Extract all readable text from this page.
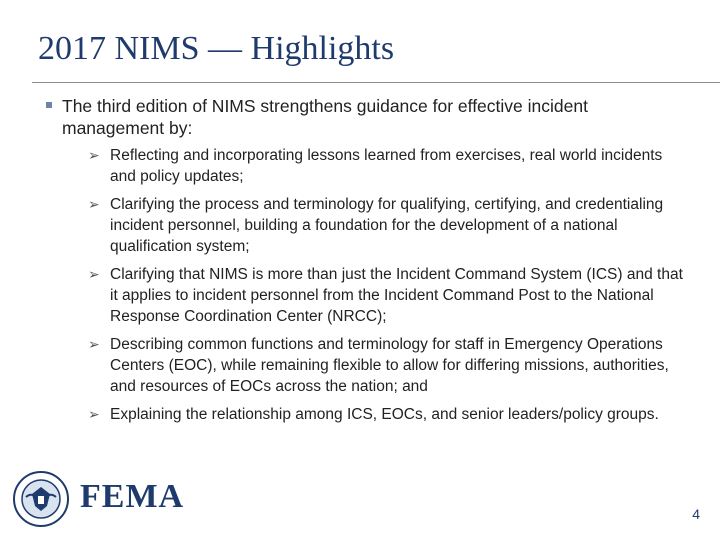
2017 NIMS — Highlights
The third edition of NIMS strengthens guidance for effective incident management by:
➢ Reflecting and incorporating lessons learned from exercises, real world incidents and policy updates;
➢ Clarifying the process and terminology for qualifying, certifying, and credentialing incident personnel, building a foundation for the development of a national qualification system;
➢ Clarifying that NIMS is more than just the Incident Command System (ICS) and that it applies to incident personnel from the Incident Command Post to the National Response Coordination Center (NRCC);
➢ Describing common functions and terminology for staff in Emergency Operations Centers (EOC), while remaining flexible to allow for differing missions, authorities, and resources of EOCs across the nation; and
➢ Explaining the relationship among ICS, EOCs, and senior leaders/policy groups.
FEMA	4
